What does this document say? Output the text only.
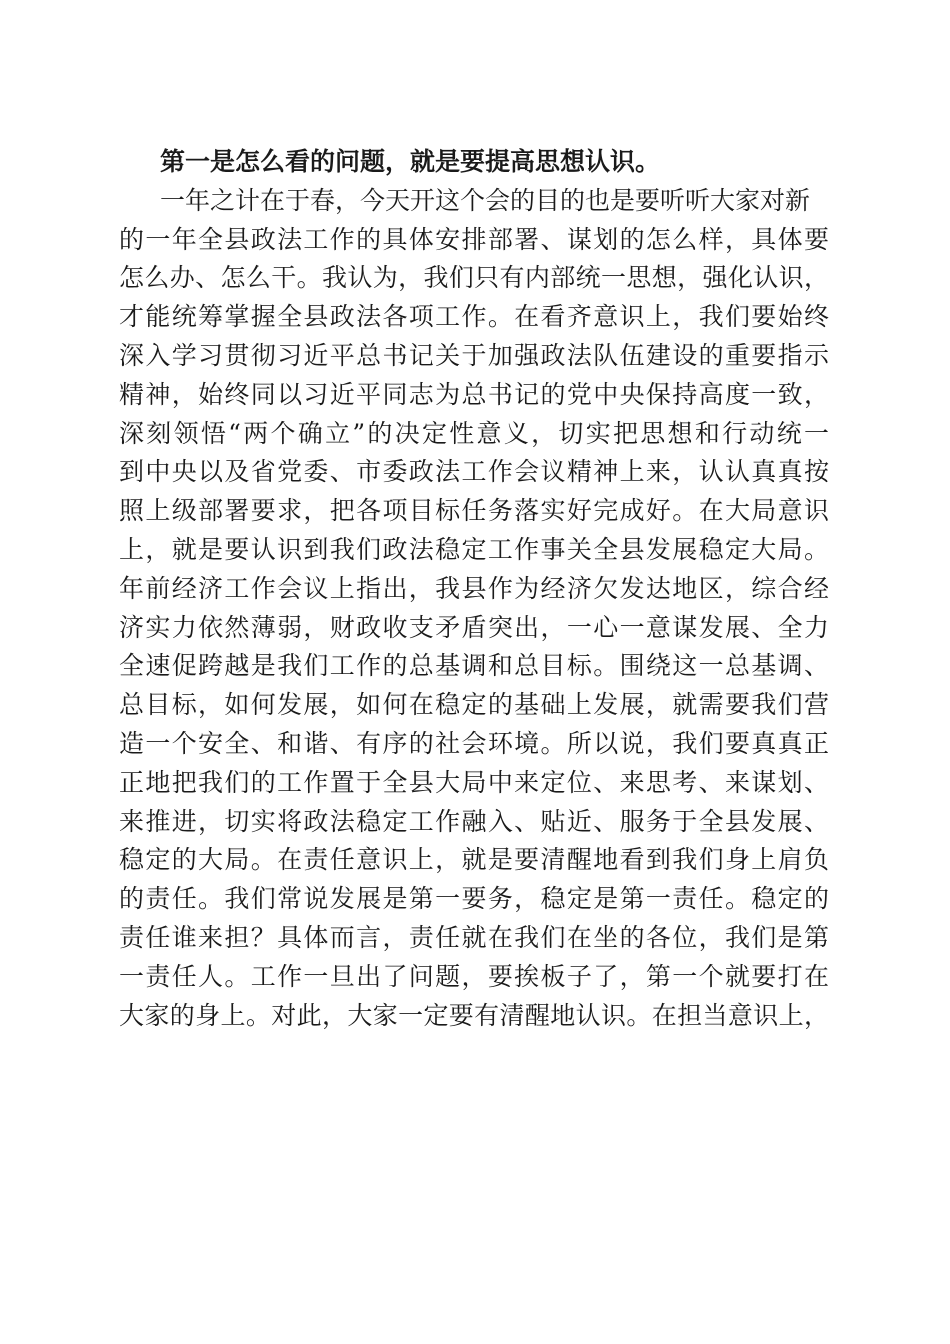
第一是怎么看的问题，就是要提高思想认识。
一年之计在于春，今天开这个会的目的也是要听听大家对新
的一年全县政法工作的具体安排部署、谋划的怎么样，具体要
怎么办、怎么干。我认为，我们只有内部统一思想，强化认识，
才能统筹掌握全县政法各项工作。在看齐意识上，我们要始终
深入学习贯彻习近平总书记关于加强政法队伍建设的重要指示
精神，始终同以习近平同志为总书记的党中央保持高度一致，
深刻领悟“两个确立”的决定性意义，切实把思想和行动统一
到中央以及省党委、市委政法工作会议精神上来，认认真真按
照上级部署要求，把各项目标任务落实好完成好。在大局意识
上，就是要认识到我们政法稳定工作事关全县发展稳定大局。
年前经济工作会议上指出，我县作为经济欠发达地区，综合经
济实力依然薄弱，财政收支矛盾突出，一心一意谋发展、全力
全速促跨越是我们工作的总基调和总目标。围绕这一总基调、
总目标，如何发展，如何在稳定的基础上发展，就需要我们营
造一个安全、和谐、有序的社会环境。所以说，我们要真真正
正地把我们的工作置于全县大局中来定位、来思考、来谋划、
来推进，切实将政法稳定工作融入、贴近、服务于全县发展、
稳定的大局。在责任意识上，就是要清醒地看到我们身上肩负
的责任。我们常说发展是第一要务，稳定是第一责任。稳定的
责任谁来担？具体而言，责任就在我们在坐的各位，我们是第
一责任人。工作一旦出了问题，要挨板子了，第一个就要打在
大家的身上。对此，大家一定要有清醒地认识。在担当意识上，
